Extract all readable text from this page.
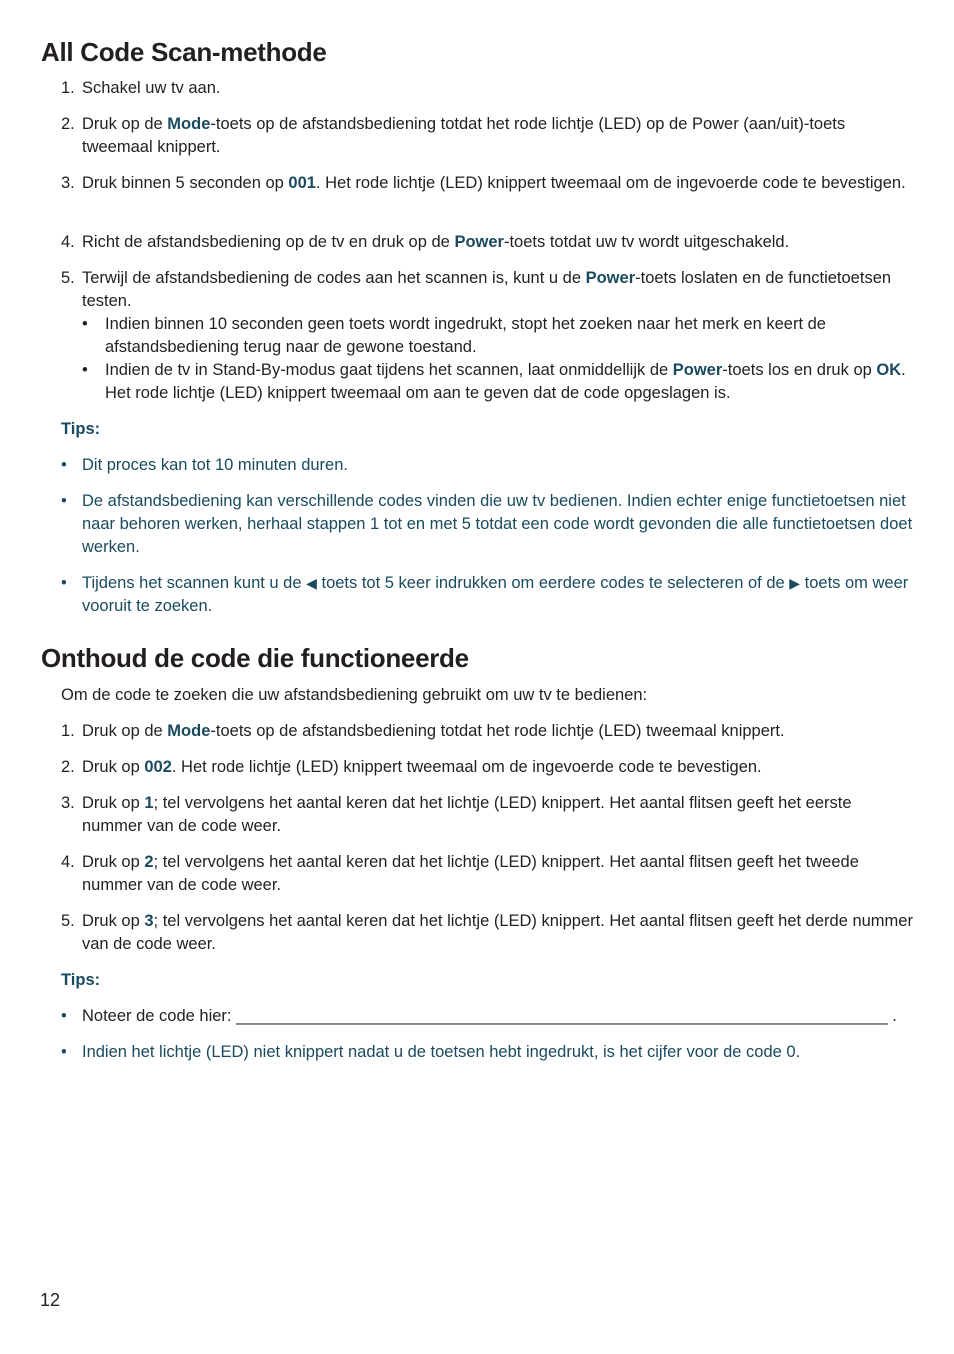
All Code Scan-methode
1. Schakel uw tv aan.
2. Druk op de Mode-toets op de afstandsbediening totdat het rode lichtje (LED) op de Power (aan/uit)-toets tweemaal knippert.
3. Druk binnen 5 seconden op 001. Het rode lichtje (LED) knippert tweemaal om de ingevoerde code te bevestigen.
4. Richt de afstandsbediening op de tv en druk op de Power-toets totdat uw tv wordt uitgeschakeld.
5. Terwijl de afstandsbediening de codes aan het scannen is, kunt u de Power-toets loslaten en de functietoetsen testen.
• Indien binnen 10 seconden geen toets wordt ingedrukt, stopt het zoeken naar het merk en keert de afstandsbediening terug naar de gewone toestand.
• Indien de tv in Stand-By-modus gaat tijdens het scannen, laat onmiddellijk de Power-toets los en druk op OK. Het rode lichtje (LED) knippert tweemaal om aan te geven dat de code opgeslagen is.
Tips:
• Dit proces kan tot 10 minuten duren.
• De afstandsbediening kan verschillende codes vinden die uw tv bedienen. Indien echter enige functietoetsen niet naar behoren werken, herhaal stappen 1 tot en met 5 totdat een code wordt gevonden die alle functietoetsen doet werken.
• Tijdens het scannen kunt u de ◀ toets tot 5 keer indrukken om eerdere codes te selecteren of de ▶ toets om weer vooruit te zoeken.
Onthoud de code die functioneerde
Om de code te zoeken die uw afstandsbediening gebruikt om uw tv te bedienen:
1. Druk op de Mode-toets op de afstandsbediening totdat het rode lichtje (LED) tweemaal knippert.
2. Druk op 002. Het rode lichtje (LED) knippert tweemaal om de ingevoerde code te bevestigen.
3. Druk op 1; tel vervolgens het aantal keren dat het lichtje (LED) knippert. Het aantal flitsen geeft het eerste nummer van de code weer.
4. Druk op 2; tel vervolgens het aantal keren dat het lichtje (LED) knippert. Het aantal flitsen geeft het tweede nummer van de code weer.
5. Druk op 3; tel vervolgens het aantal keren dat het lichtje (LED) knippert. Het aantal flitsen geeft het derde nummer van de code weer.
Tips:
• Noteer de code hier: _______________________________________________________________________ .
• Indien het lichtje (LED) niet knippert nadat u de toetsen hebt ingedrukt, is het cijfer voor de code 0.
12
